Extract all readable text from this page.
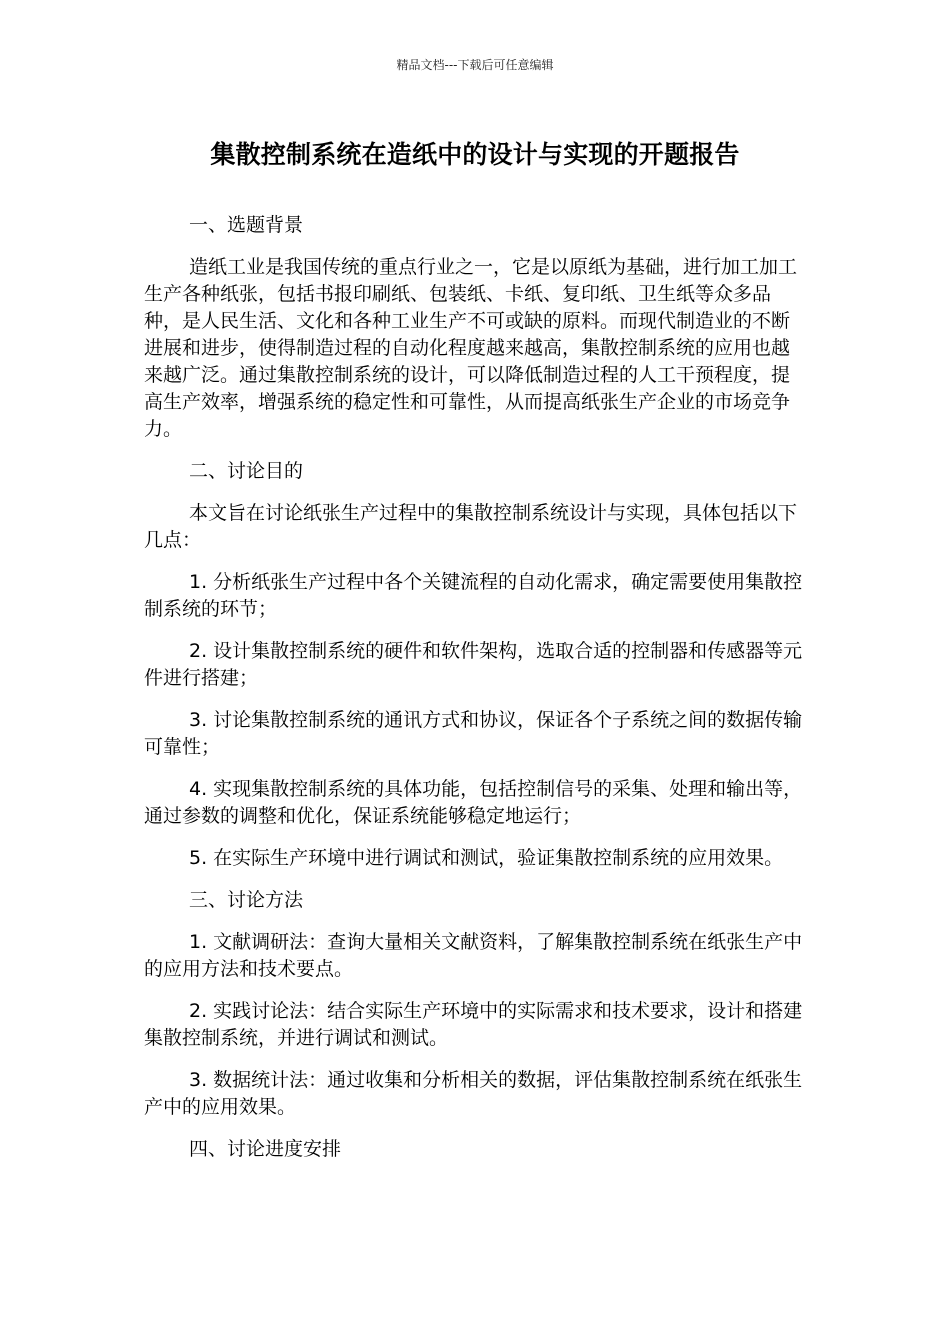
精品文档---下载后可任意编辑
集散控制系统在造纸中的设计与实现的开题报告

一、选题背景

造纸工业是我国传统的重点行业之一，它是以原纸为基础，进行加工加工生产各种纸张，包括书报印刷纸、包装纸、卡纸、复印纸、卫生纸等众多品种，是人民生活、文化和各种工业生产不可或缺的原料。而现代制造业的不断进展和进步，使得制造过程的自动化程度越来越高，集散控制系统的应用也越来越广泛。通过集散控制系统的设计，可以降低制造过程的人工干预程度，提高生产效率，增强系统的稳定性和可靠性，从而提高纸张生产企业的市场竞争力。

二、讨论目的

本文旨在讨论纸张生产过程中的集散控制系统设计与实现，具体包括以下几点：

1. 分析纸张生产过程中各个关键流程的自动化需求，确定需要使用集散控制系统的环节；

2. 设计集散控制系统的硬件和软件架构，选取合适的控制器和传感器等元件进行搭建；

3. 讨论集散控制系统的通讯方式和协议，保证各个子系统之间的数据传输可靠性；

4. 实现集散控制系统的具体功能，包括控制信号的采集、处理和输出等，通过参数的调整和优化，保证系统能够稳定地运行；

5. 在实际生产环境中进行调试和测试，验证集散控制系统的应用效果。

三、讨论方法

1. 文献调研法：查询大量相关文献资料，了解集散控制系统在纸张生产中的应用方法和技术要点。

2. 实践讨论法：结合实际生产环境中的实际需求和技术要求，设计和搭建集散控制系统，并进行调试和测试。

3. 数据统计法：通过收集和分析相关的数据，评估集散控制系统在纸张生产中的应用效果。

四、讨论进度安排
